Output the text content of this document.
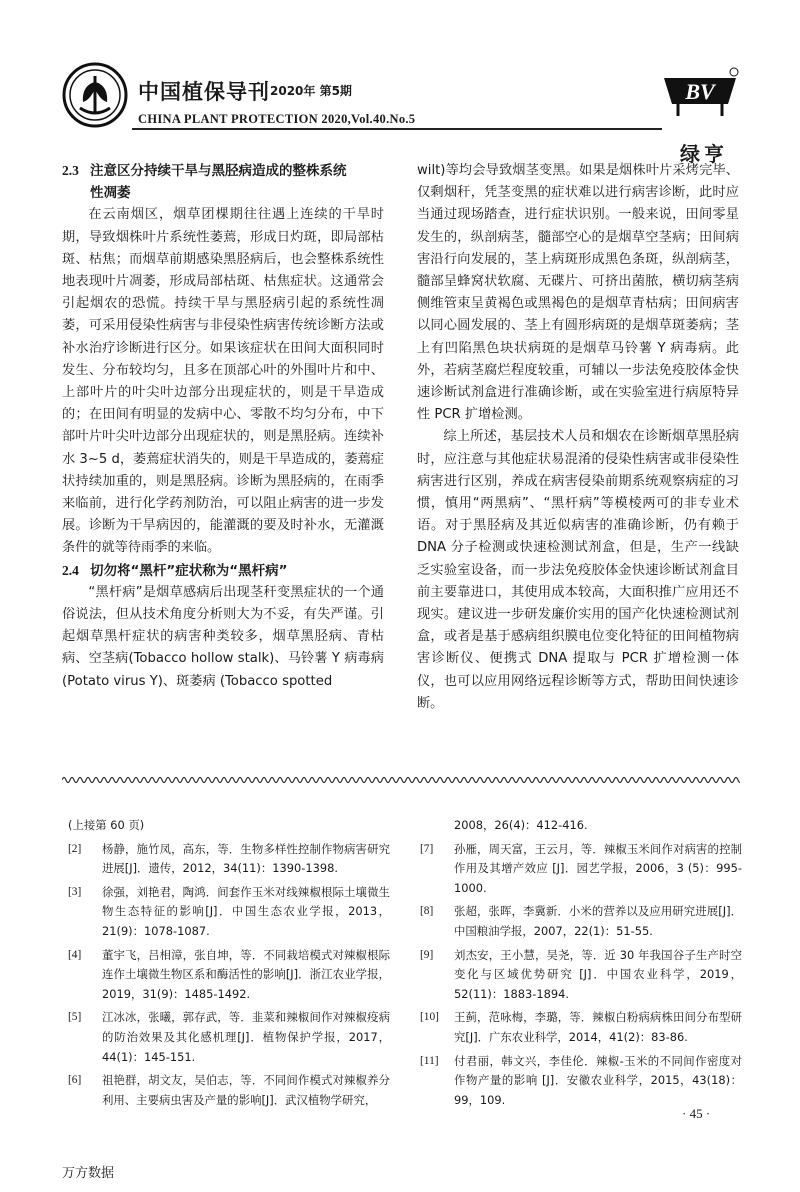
中国植保导刊 2020年 第5期
CHINA PLANT PROTECTION 2020,Vol.40.No.5
BV
绿亨
2.3 注意区分持续干旱与黑胫病造成的整株系统
性凋萎

在云南烟区，烟草团棵期往往遇上连续的干旱时期，导致烟株叶片系统性萎蔫，形成日灼斑，即局部枯斑、枯焦；而烟草前期感染黑胫病后，也会整株系统性地表现叶片凋萎，形成局部枯斑、枯焦症状。这通常会引起烟农的恐慌。持续干旱与黑胫病引起的系统性凋萎，可采用侵染性病害与非侵染性病害传统诊断方法或补水治疗诊断进行区分。如果该症状在田间大面积同时发生、分布较均匀，且多在顶部心叶的外围叶片和中、上部叶片的叶尖叶边部分出现症状的，则是干旱造成的；在田间有明显的发病中心、零散不均匀分布，中下部叶片叶尖叶边部分出现症状的，则是黑胫病。连续补水 3~5 d，萎蔫症状消失的，则是干旱造成的，萎蔫症状持续加重的，则是黑胫病。诊断为黑胫病的，在雨季来临前，进行化学药剂防治，可以阻止病害的进一步发展。诊断为干旱病因的，能灌溉的要及时补水，无灌溉条件的就等待雨季的来临。

2.4 切勿将“黑杆”症状称为“黑杆病”

“黑杆病”是烟草感病后出现茎秆变黑症状的一个通俗说法，但从技术角度分析则大为不妥，有失严谨。引起烟草黑杆症状的病害种类较多，烟草黑胫病、青枯病、空茎病(Tobacco hollow stalk)、马铃薯 Y 病毒病 (Potato virus Y)、斑萎病 (Tobacco spotted

wilt)等均会导致烟茎变黑。如果是烟株叶片采烤完毕、仅剩烟秆，凭茎变黑的症状难以进行病害诊断，此时应当通过现场踏查，进行症状识别。一般来说，田间零星发生的，纵剖病茎，髓部空心的是烟草空茎病；田间病害沿行向发展的，茎上病斑形成黑色条斑，纵剖病茎，髓部呈蜂窝状软腐、无碟片、可挤出菌脓，横切病茎病侧维管束呈黄褐色或黑褐色的是烟草青枯病；田间病害以同心圆发展的、茎上有圆形病斑的是烟草斑萎病；茎上有凹陷黑色块状病斑的是烟草马铃薯 Y 病毒病。此外，若病茎腐烂程度较重，可辅以一步法免疫胶体金快速诊断试剂盒进行准确诊断，或在实验室进行病原特异性 PCR 扩增检测。

综上所述，基层技术人员和烟农在诊断烟草黑胫病时，应注意与其他症状易混淆的侵染性病害或非侵染性病害进行区别，养成在病害侵染前期系统观察病症的习惯，慎用“两黑病”、“黑杆病”等模棱两可的非专业术语。对于黑胫病及其近似病害的准确诊断，仍有赖于 DNA 分子检测或快速检测试剂盒，但是，生产一线缺乏实验室设备，而一步法免疫胶体金快速诊断试剂盒目前主要靠进口，其使用成本较高，大面积推广应用还不现实。建议进一步研发廉价实用的国产化快速检测试剂盒，或者是基于感病组织膜电位变化特征的田间植物病害诊断仪、便携式 DNA 提取与 PCR 扩增检测一体仪，也可以应用网络远程诊断等方式，帮助田间快速诊断。

(上接第 60 页)
[2] 杨静，施竹凤，高东，等．生物多样性控制作物病害研究进展[J]．遗传，2012，34(11)：1390-1398.
[3] 徐强，刘艳君，陶鸿．间套作玉米对线辣椒根际土壤微生物生态特征的影响[J]．中国生态农业学报，2013，21(9)：1078-1087.
[4] 董宇飞，吕相漳，张自坤，等．不同栽培模式对辣椒根际连作土壤微生物区系和酶活性的影响[J]．浙江农业学报，2019，31(9)：1485-1492.
[5] 江冰冰，张曦，郭存武，等．韭菜和辣椒间作对辣椒疫病的防治效果及其化感机理[J]．植物保护学报，2017，44(1)：145-151.
[6] 祖艳群，胡文友，吴伯志，等．不同间作模式对辣椒养分利用、主要病虫害及产量的影响[J]．武汉植物学研究，
2008，26(4)：412-416.
[7] 孙雁，周天富，王云月，等．辣椒玉米间作对病害的控制作用及其增产效应 [J]．园艺学报，2006，3 (5)：995-1000.
[8] 张超，张晖，李冀新．小米的营养以及应用研究进展[J]．中国粮油学报，2007，22(1)：51-55.
[9] 刘杰安，王小慧，吴尧，等．近 30 年我国谷子生产时空变化与区域优势研究 [J]．中国农业科学，2019，52(11)：1883-1894.
[10] 王蓟，范咏梅，李璐，等．辣椒白粉病病株田间分布型研究[J]．广东农业科学，2014，41(2)：83-86.
[11] 付君丽，韩文兴，李佳伦．辣椒-玉米的不同间作密度对作物产量的影响 [J]．安徽农业科学，2015，43(18)：99，109.
· 45 ·
万方数据
